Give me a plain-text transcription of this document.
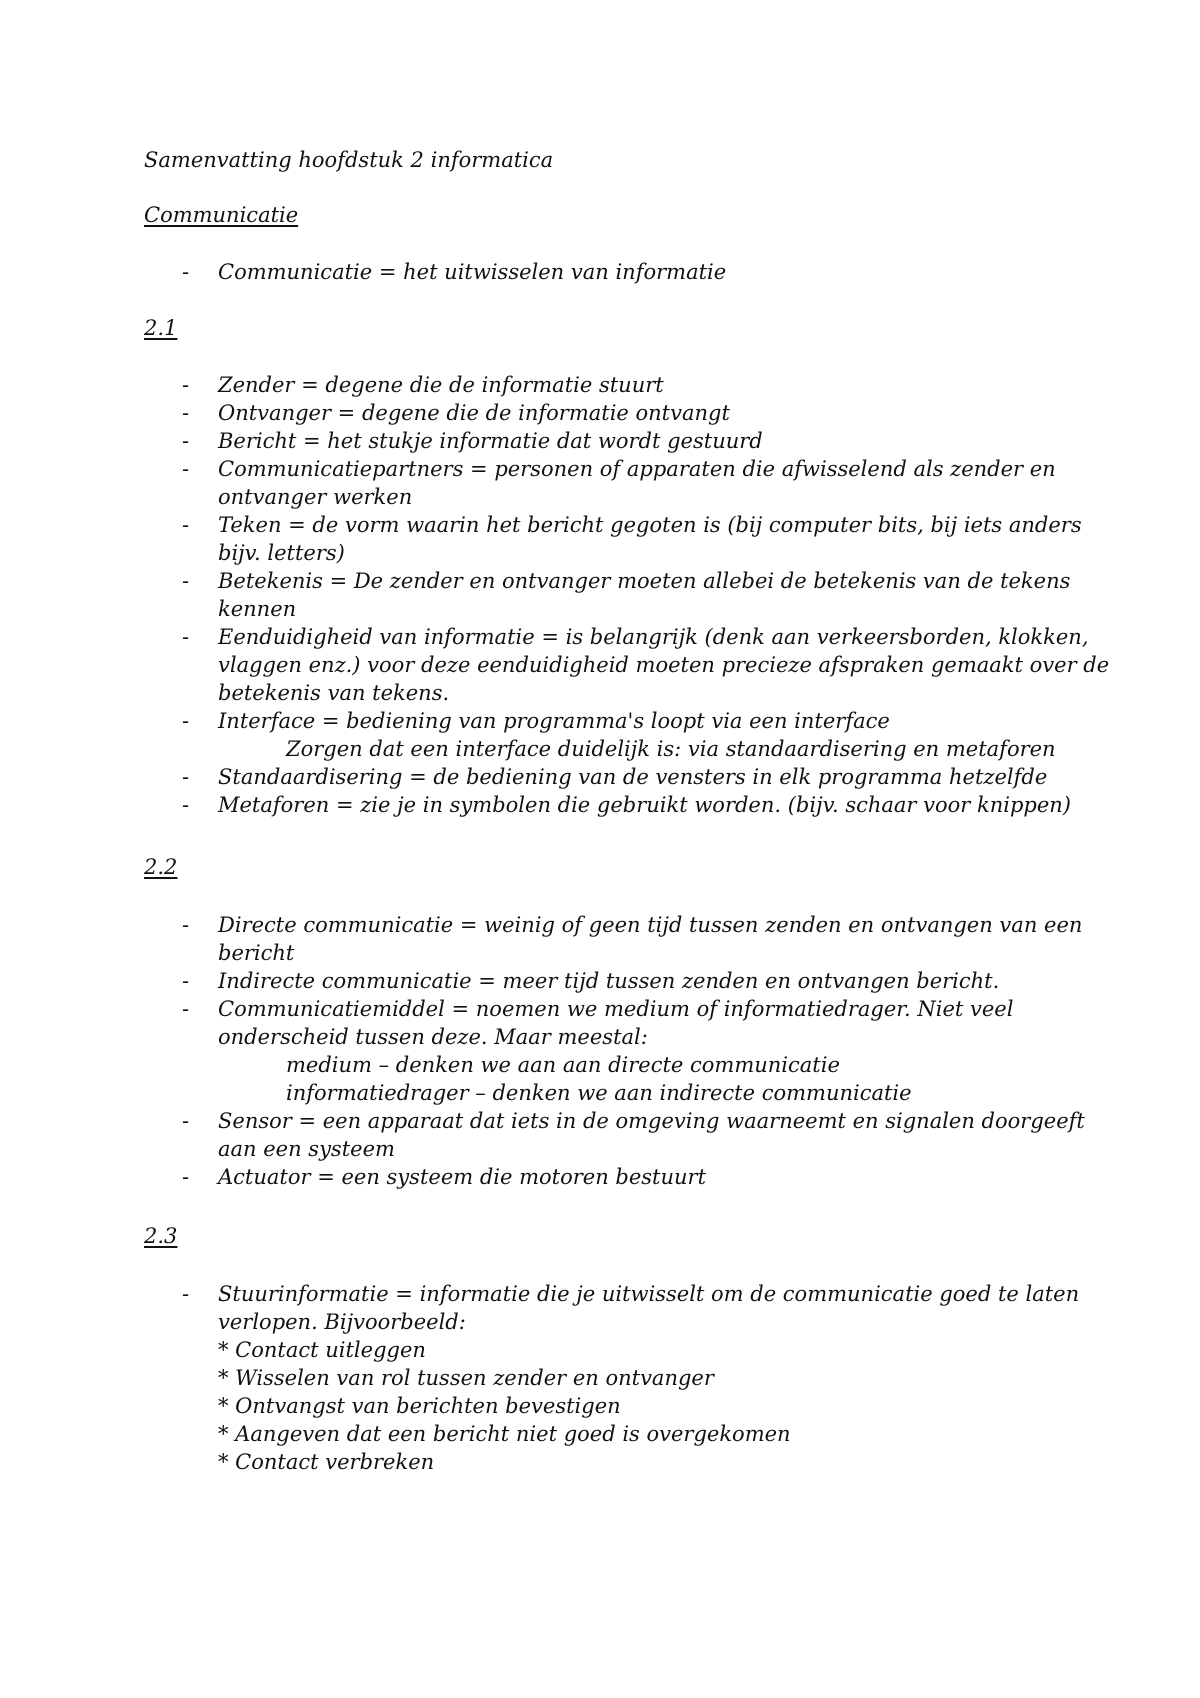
Samenvatting hoofdstuk 2 informatica
Communicatie
- Communicatie = het uitwisselen van informatie
2.1
- Zender = degene die de informatie stuurt
- Ontvanger = degene die de informatie ontvangt
- Bericht = het stukje informatie dat wordt gestuurd
- Communicatiepartners = personen of apparaten die afwisselend als zender en
ontvanger werken
- Teken = de vorm waarin het bericht gegoten is (bij computer bits, bij iets anders
bijv. letters)
- Betekenis = De zender en ontvanger moeten allebei de betekenis van de tekens
kennen
- Eenduidigheid van informatie = is belangrijk (denk aan verkeersborden, klokken,
vlaggen enz.) voor deze eenduidigheid moeten precieze afspraken gemaakt over de
betekenis van tekens.
- Interface = bediening van programma's loopt via een interface
Zorgen dat een interface duidelijk is: via standaardisering en metaforen
- Standaardisering = de bediening van de vensters in elk programma hetzelfde
- Metaforen = zie je in symbolen die gebruikt worden. (bijv. schaar voor knippen)
2.2
- Directe communicatie = weinig of geen tijd tussen zenden en ontvangen van een
bericht
- Indirecte communicatie = meer tijd tussen zenden en ontvangen bericht.
- Communicatiemiddel = noemen we medium of informatiedrager. Niet veel
onderscheid tussen deze. Maar meestal:
medium – denken we aan aan directe communicatie
informatiedrager – denken we aan indirecte communicatie
- Sensor = een apparaat dat iets in de omgeving waarneemt en signalen doorgeeft
aan een systeem
- Actuator = een systeem die motoren bestuurt
2.3
- Stuurinformatie = informatie die je uitwisselt om de communicatie goed te laten
verlopen. Bijvoorbeeld:
* Contact uitleggen
* Wisselen van rol tussen zender en ontvanger
* Ontvangst van berichten bevestigen
* Aangeven dat een bericht niet goed is overgekomen
* Contact verbreken
